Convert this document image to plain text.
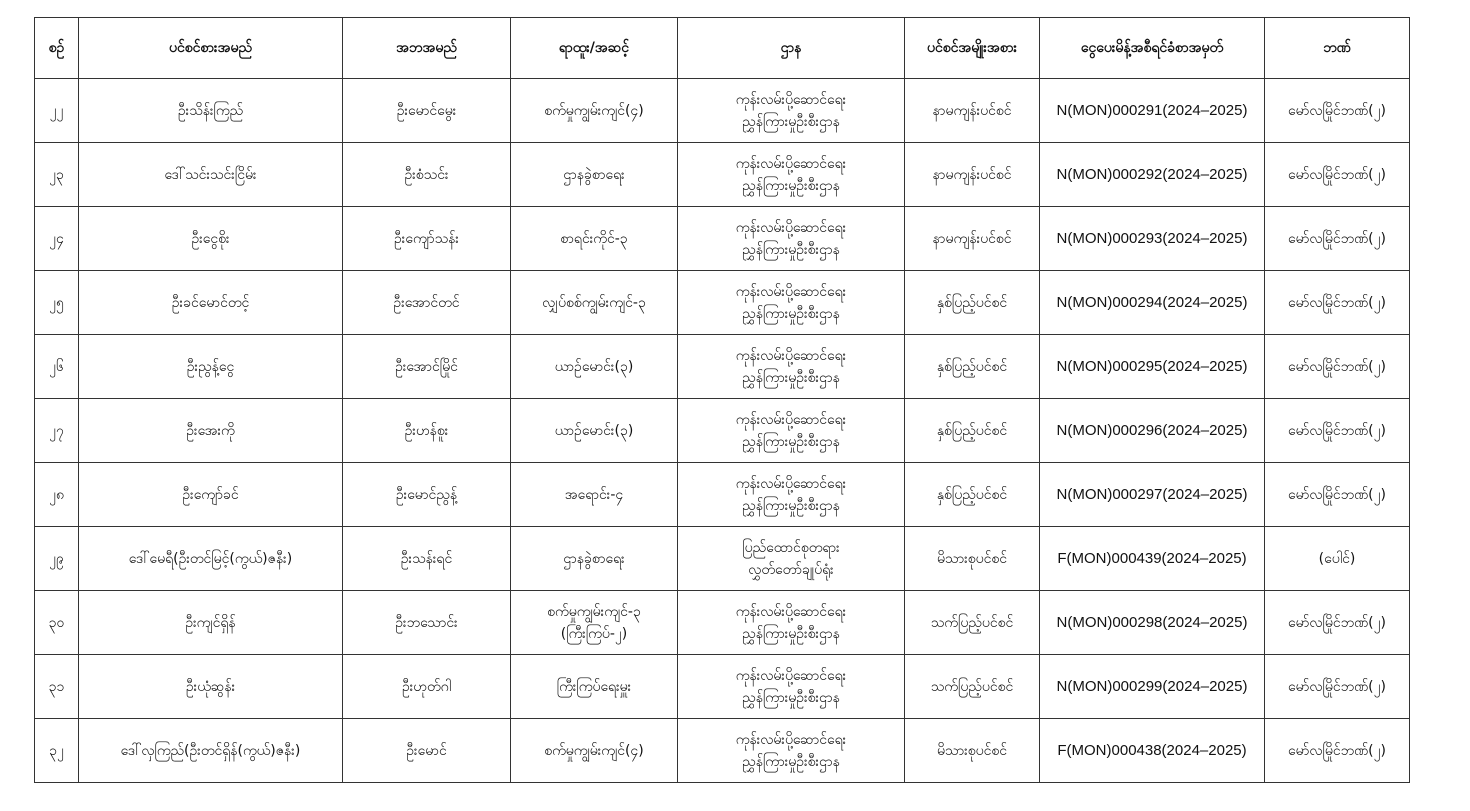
စဉ်	ပင်စင်စားအမည်	အဘအမည်	ရာထူး/အဆင့်	ဌာန	ပင်စင်အမျိုးအစား	ငွေပေးမိန့်အစီရင်ခံစာအမှတ်	ဘဏ်
၂၂	ဦးသိန်းကြည်	ဦးမောင်မွေး	စက်မှုကျွမ်းကျင်(၄)	ကုန်းလမ်းပို့ဆောင်ရေး
ညွှန်ကြားမှုဦးစီးဌာန	နာမကျန်းပင်စင်	N(MON)000291(2024–2025)	မော်လမြိုင်ဘဏ်(၂)
၂၃	ဒေါ်သင်းသင်းငြိမ်း	ဦးစံသင်း	ဌာနခွဲစာရေး	ကုန်းလမ်းပို့ဆောင်ရေး
ညွှန်ကြားမှုဦးစီးဌာန	နာမကျန်းပင်စင်	N(MON)000292(2024–2025)	မော်လမြိုင်ဘဏ်(၂)
၂၄	ဦးငွေစိုး	ဦးကျော်သန်း	စာရင်းကိုင်-၃	ကုန်းလမ်းပို့ဆောင်ရေး
ညွှန်ကြားမှုဦးစီးဌာန	နာမကျန်းပင်စင်	N(MON)000293(2024–2025)	မော်လမြိုင်ဘဏ်(၂)
၂၅	ဦးခင်မောင်တင့်	ဦးအောင်တင်	လျှပ်စစ်ကျွမ်းကျင်-၃	ကုန်းလမ်းပို့ဆောင်ရေး
ညွှန်ကြားမှုဦးစီးဌာန	နှစ်ပြည့်ပင်စင်	N(MON)000294(2024–2025)	မော်လမြိုင်ဘဏ်(၂)
၂၆	ဦးညွန့်ငွေ	ဦးအောင်မြိုင်	ယာဉ်မောင်း(၃)	ကုန်းလမ်းပို့ဆောင်ရေး
ညွှန်ကြားမှုဦးစီးဌာန	နှစ်ပြည့်ပင်စင်	N(MON)000295(2024–2025)	မော်လမြိုင်ဘဏ်(၂)
၂၇	ဦးအေးကို	ဦးဟန်စူး	ယာဉ်မောင်း(၃)	ကုန်းလမ်းပို့ဆောင်ရေး
ညွှန်ကြားမှုဦးစီးဌာန	နှစ်ပြည့်ပင်စင်	N(MON)000296(2024–2025)	မော်လမြိုင်ဘဏ်(၂)
၂၈	ဦးကျော်ခင်	ဦးမောင်ညွန့်	အရောင်း-၄	ကုန်းလမ်းပို့ဆောင်ရေး
ညွှန်ကြားမှုဦးစီးဌာန	နှစ်ပြည့်ပင်စင်	N(MON)000297(2024–2025)	မော်လမြိုင်ဘဏ်(၂)
၂၉	ဒေါ်မေရီ(ဦးတင်မြင့်(ကွယ်)ဇနီး)	ဦးသန်းရင်	ဌာနခွဲစာရေး	ပြည်ထောင်စုတရား
လွှတ်တော်ချုပ်ရုံး	မိသားစုပင်စင်	F(MON)000439(2024–2025)	(ပေါင်)
၃၀	ဦးကျင်ရှိန်	ဦးဘသောင်း	စက်မှုကျွမ်းကျင်-၃
(ကြီးကြပ်-၂)	ကုန်းလမ်းပို့ဆောင်ရေး
ညွှန်ကြားမှုဦးစီးဌာန	သက်ပြည့်ပင်စင်	N(MON)000298(2024–2025)	မော်လမြိုင်ဘဏ်(၂)
၃၁	ဦးယုံဆွန်း	ဦးဟုတ်ဂါ	ကြီးကြပ်ရေးမှူး	ကုန်းလမ်းပို့ဆောင်ရေး
ညွှန်ကြားမှုဦးစီးဌာန	သက်ပြည့်ပင်စင်	N(MON)000299(2024–2025)	မော်လမြိုင်ဘဏ်(၂)
၃၂	ဒေါ်လှကြည်(ဦးတင်ရှိန်(ကွယ်)ဇနီး)	ဦးမောင်	စက်မှုကျွမ်းကျင်(၄)	ကုန်းလမ်းပို့ဆောင်ရေး
ညွှန်ကြားမှုဦးစီးဌာန	မိသားစုပင်စင်	F(MON)000438(2024–2025)	မော်လမြိုင်ဘဏ်(၂)
